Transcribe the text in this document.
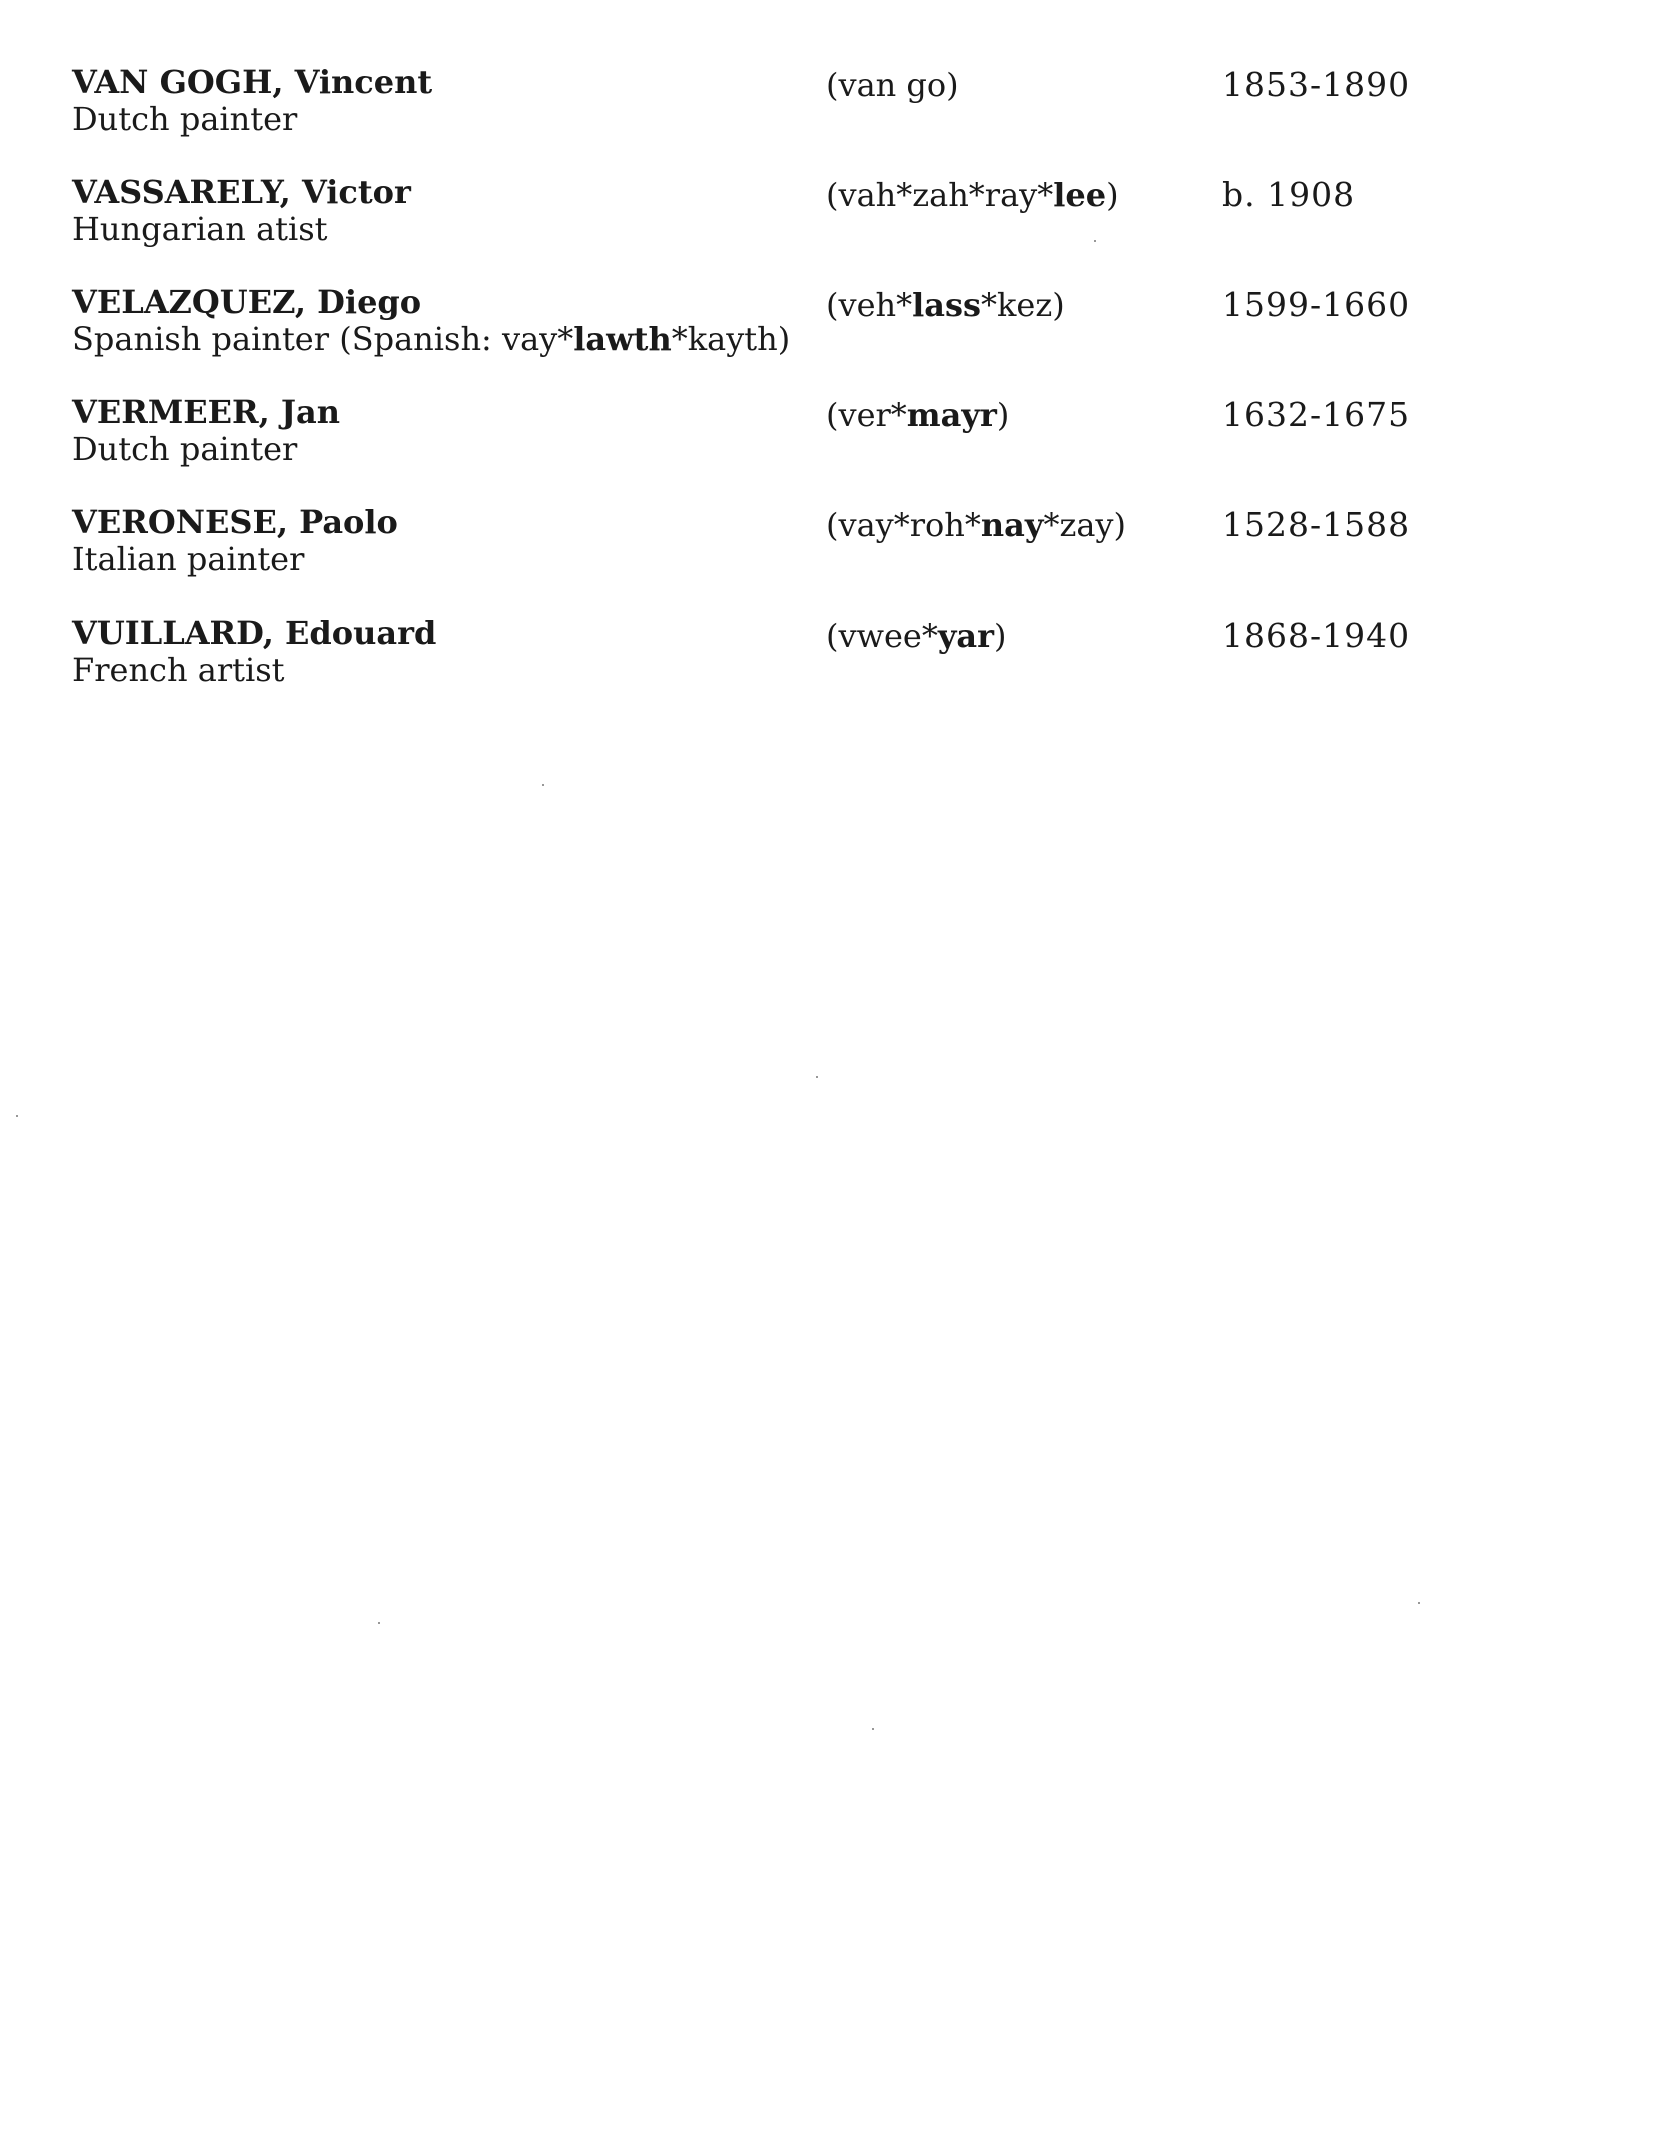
VAN GOGH, Vincent
Dutch painter
(van go)	1853-1890
VASSARELY, Victor
Hungarian atist
(vah*zah*ray*lee)	b. 1908
VELAZQUEZ, Diego
Spanish painter (Spanish: vay*lawth*kayth)
(veh*lass*kez)	1599-1660
VERMEER, Jan
Dutch painter
(ver*mayr)	1632-1675
VERONESE, Paolo
Italian painter
(vay*roh*nay*zay)	1528-1588
VUILLARD, Edouard
French artist
(vwee*yar)	1868-1940
